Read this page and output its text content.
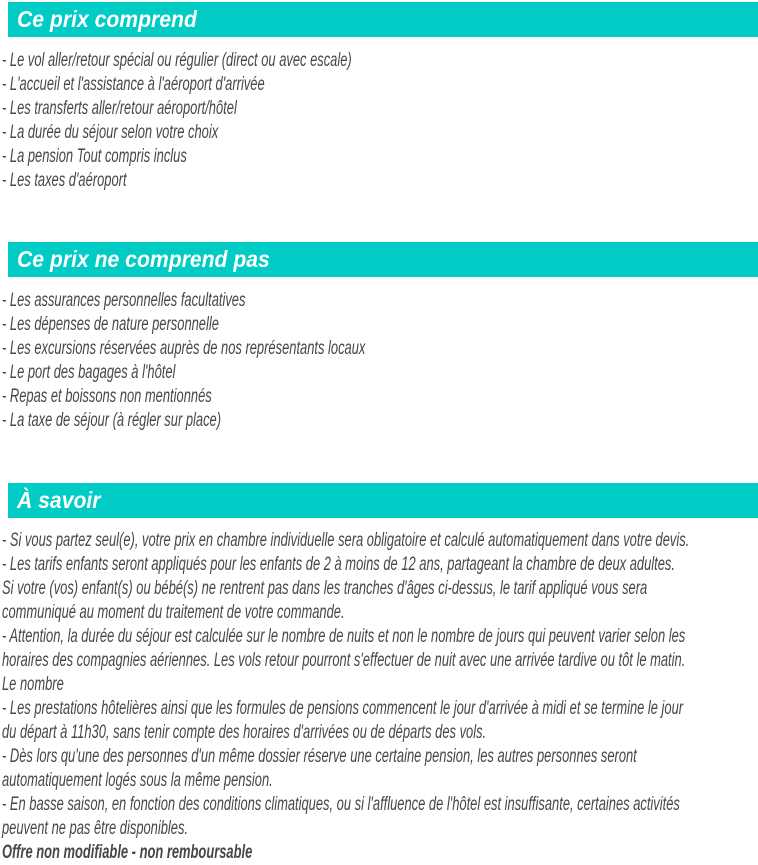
Ce prix comprend
- Le vol aller/retour spécial ou régulier (direct ou avec escale)
- L'accueil et l'assistance à l'aéroport d'arrivée
- Les transferts aller/retour aéroport/hôtel
- La durée du séjour selon votre choix
- La pension Tout compris inclus
- Les taxes d'aéroport
Ce prix ne comprend pas
- Les assurances personnelles facultatives
- Les dépenses de nature personnelle
- Les excursions réservées auprès de nos représentants locaux
- Le port des bagages à l'hôtel
- Repas et boissons non mentionnés
- La taxe de séjour (à régler sur place)
À savoir
- Si vous partez seul(e), votre prix en chambre individuelle sera obligatoire et calculé automatiquement dans votre devis.
- Les tarifs enfants seront appliqués pour les enfants de 2 à moins de 12 ans, partageant la chambre de deux adultes.
Si votre (vos) enfant(s) ou bébé(s) ne rentrent pas dans les tranches d'âges ci-dessus, le tarif appliqué vous sera
communiqué au moment du traitement de votre commande.
- Attention, la durée du séjour est calculée sur le nombre de nuits et non le nombre de jours qui peuvent varier selon les
horaires des compagnies aériennes. Les vols retour pourront s'effectuer de nuit avec une arrivée tardive ou tôt le matin.
Le nombre
- Les prestations hôtelières ainsi que les formules de pensions commencent le jour d'arrivée à midi et se termine le jour
du départ à 11h30, sans tenir compte des horaires d'arrivées ou de départs des vols.
- Dès lors qu'une des personnes d'un même dossier réserve une certaine pension, les autres personnes seront
automatiquement logés sous la même pension.
- En basse saison, en fonction des conditions climatiques, ou si l'affluence de l'hôtel est insuffisante, certaines activités
peuvent ne pas être disponibles.
Offre non modifiable - non remboursable
